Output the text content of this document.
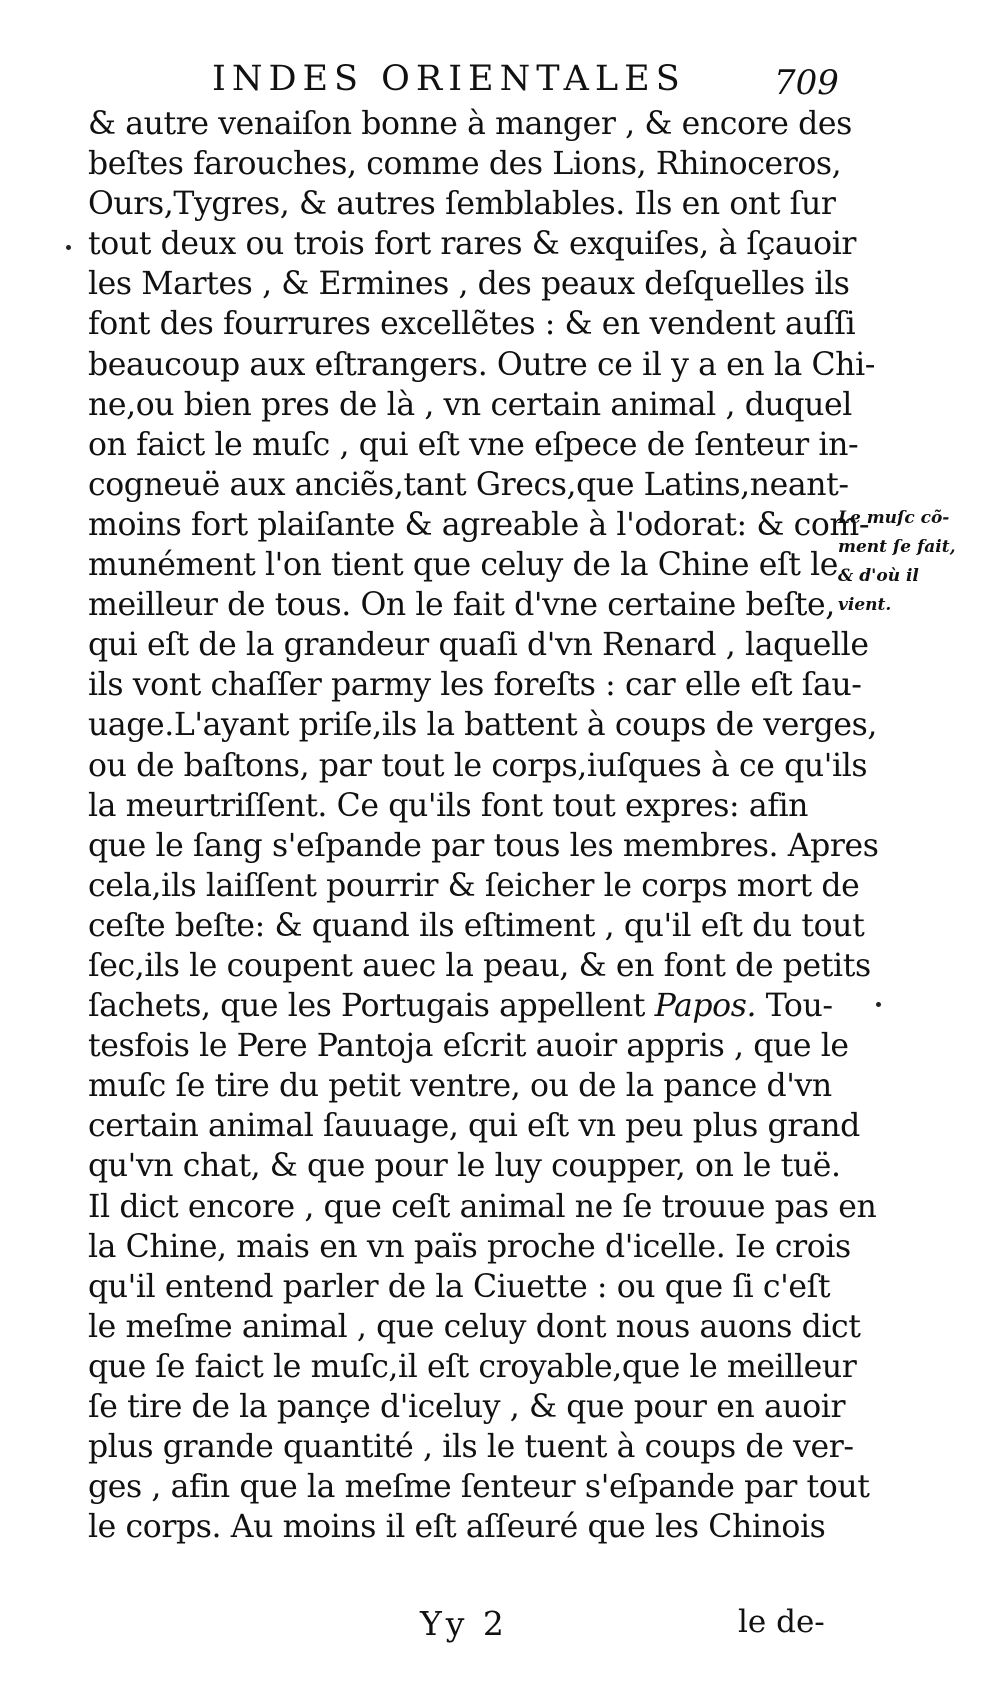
INDES ORIENTALES	709
& autre venaiſon bonne à manger , & encore des
beſtes farouches, comme des Lions, Rhinoceros,
Ours,Tygres, & autres ſemblables. Ils en ont ſur
tout deux ou trois fort rares & exquiſes, à ſçauoir
les Martes , & Ermines , des peaux deſquelles ils
font des fourrures excellẽtes : & en vendent auſſi
beaucoup aux eſtrangers. Outre ce il y a en la Chi-
ne,ou bien pres de là , vn certain animal , duquel
on faict le muſc , qui eſt vne eſpece de ſenteur in-
cogneuë aux anciẽs,tant Grecs,que Latins,neant-
moins fort plaiſante & agreable à l'odorat: & com-
munément l'on tient que celuy de la Chine eſt le
meilleur de tous. On le fait d'vne certaine beſte,
qui eſt de la grandeur quaſi d'vn Renard , laquelle
ils vont chaſſer parmy les foreſts : car elle eſt ſau-
uage.L'ayant priſe,ils la battent à coups de verges,
ou de baſtons, par tout le corps,iuſques à ce qu'ils
la meurtriſſent. Ce qu'ils font tout expres: afin
que le ſang s'eſpande par tous les membres. Apres
cela,ils laiſſent pourrir & ſeicher le corps mort de
ceſte beſte: & quand ils eſtiment , qu'il eſt du tout
ſec,ils le coupent auec la peau, & en font de petits
ſachets, que les Portugais appellent Papos. Tou-
tesfois le Pere Pantoja eſcrit auoir appris , que le
muſc ſe tire du petit ventre, ou de la pance d'vn
certain animal ſauuage, qui eſt vn peu plus grand
qu'vn chat, & que pour le luy coupper, on le tuë.
Il dict encore , que ceſt animal ne ſe trouue pas en
la Chine, mais en vn païs proche d'icelle. Ie crois
qu'il entend parler de la Ciuette : ou que ſi c'eſt
le meſme animal , que celuy dont nous auons dict
que ſe faict le muſc,il eſt croyable,que le meilleur
ſe tire de la pançe d'iceluy , & que pour en auoir
plus grande quantité , ils le tuent à coups de ver-
ges , afin que la meſme ſenteur s'eſpande par tout
le corps. Au moins il eſt aſſeuré que les Chinois
Le muſc cõ-
ment ſe fait,
& d'où il
vient.
Yy 2	le de-
